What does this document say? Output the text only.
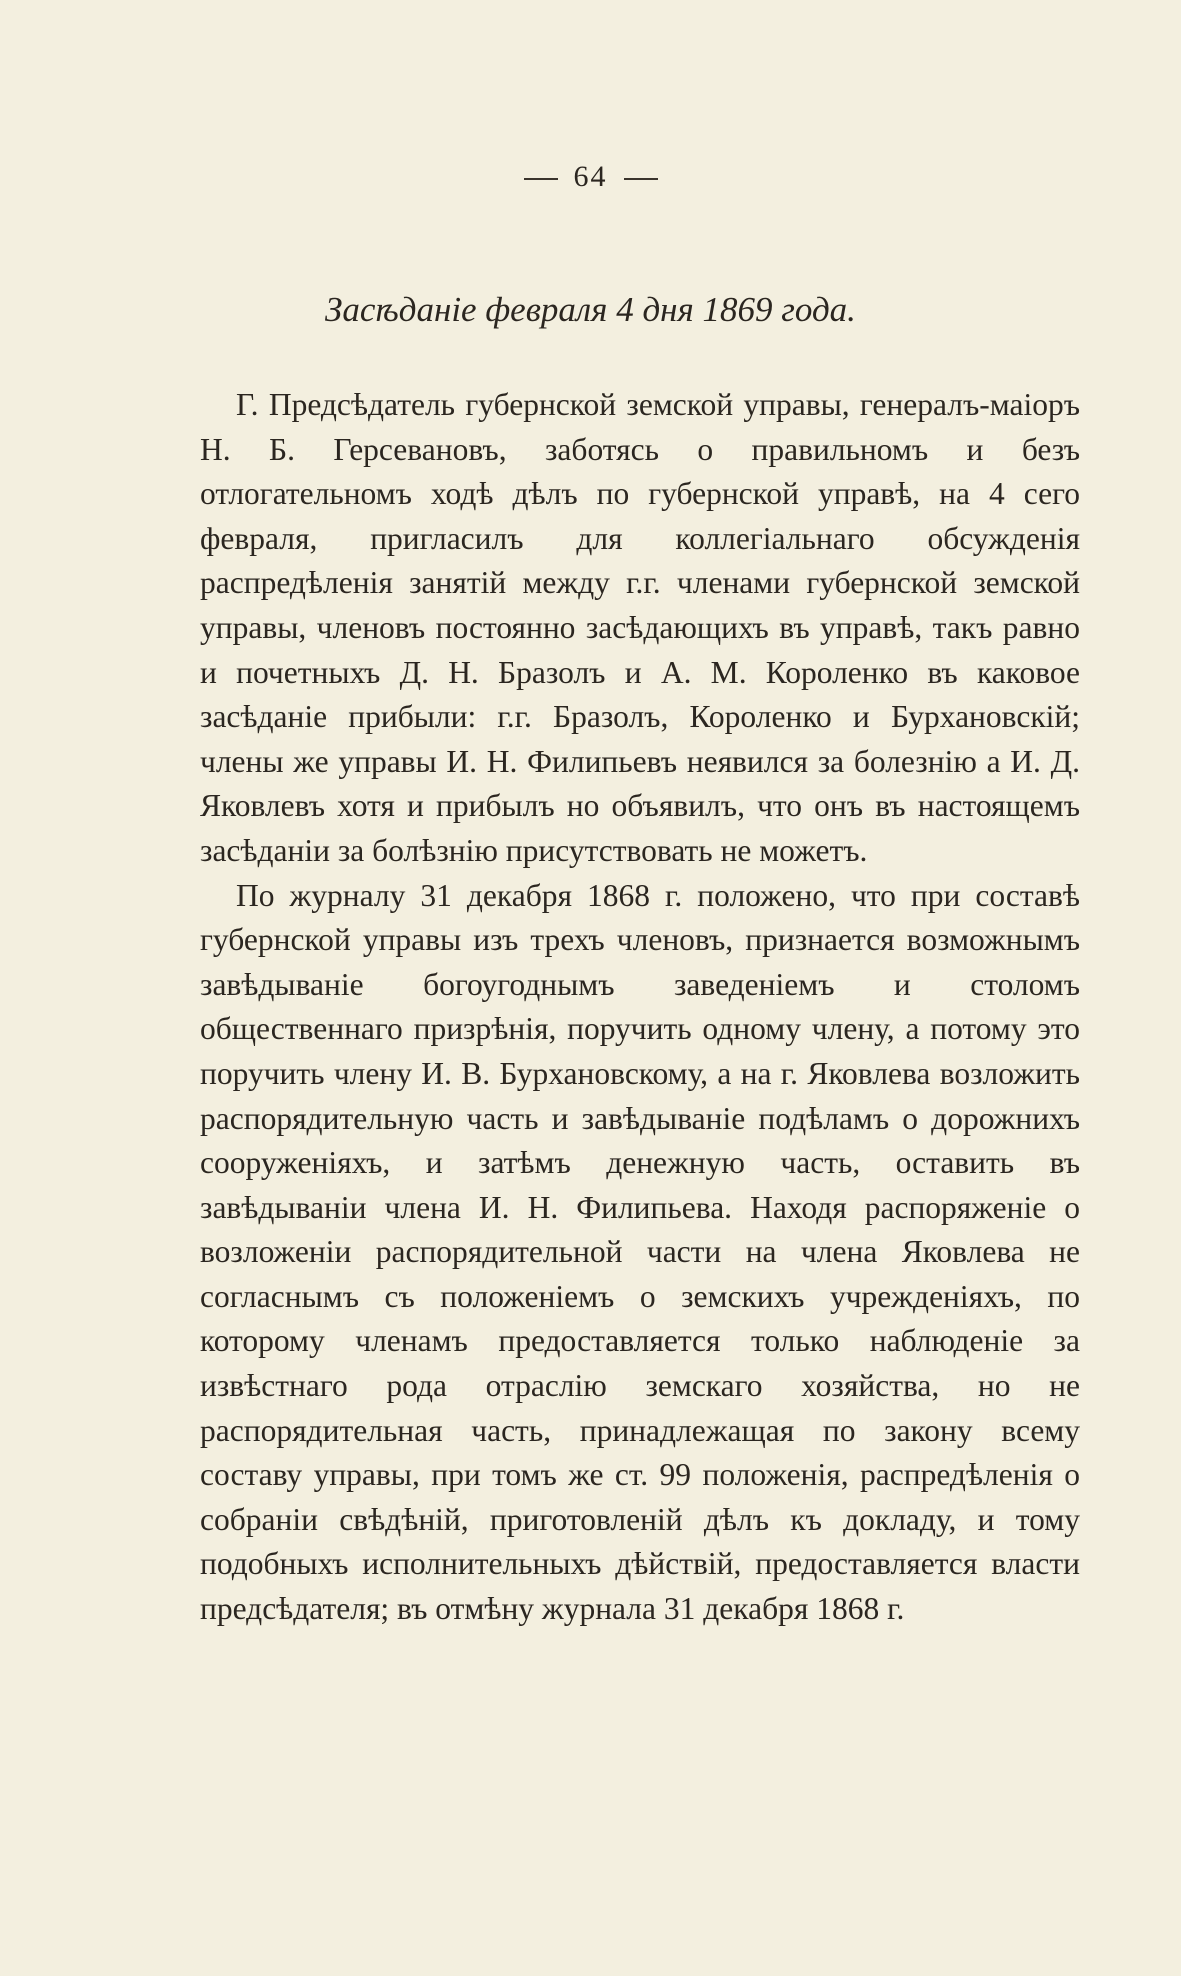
64
Засѣданіе февраля 4 дня 1869 года.

Г. Предсѣдатель губернской земской управы, генералъ-маіоръ Н. Б. Герсевановъ, заботясь о правильномъ и безъ отлогательномъ ходѣ дѣлъ по губернской управѣ, на 4 сего февраля, пригласилъ для коллегіальнаго обсужденія распредѣленія занятій между г.г. членами губернской земской управы, членовъ постоянно засѣдающихъ въ управѣ, такъ равно и почетныхъ Д. Н. Бразолъ и А. М. Короленко въ каковое засѣданіе прибыли: г.г. Бразолъ, Короленко и Бурхановскій; члены же управы И. Н. Филипьевъ неявился за болезнію а И. Д. Яковлевъ хотя и прибылъ но объявилъ, что онъ въ настоящемъ засѣданіи за болѣзнію присутствовать не можетъ.

По журналу 31 декабря 1868 г. положено, что при составѣ губернской управы изъ трехъ членовъ, признается возможнымъ завѣдываніе богоугоднымъ заведеніемъ и столомъ общественнаго призрѣнія, поручить одному члену, а потому это поручить члену И. В. Бурхановскому, а на г. Яковлева возложить распорядительную часть и завѣдываніе подѣламъ о дорожнихъ сооруженіяхъ, и затѣмъ денежную часть, оставить въ завѣдываніи члена И. Н. Филипьева. Находя распоряженіе о возложеніи распорядительной части на члена Яковлева не согласнымъ съ положеніемъ о земскихъ учрежденіяхъ, по которому членамъ предоставляется только наблюденіе за извѣстнаго рода отраслію земскаго хозяйства, но не распорядительная часть, принадлежащая по закону всему составу управы, при томъ же ст. 99 положенія, распредѣленія о собраніи свѣдѣній, приготовленій дѣлъ къ докладу, и тому подобныхъ исполнительныхъ дѣйствій, предоставляется власти предсѣдателя; въ отмѣну журнала 31 декабря 1868 г.
